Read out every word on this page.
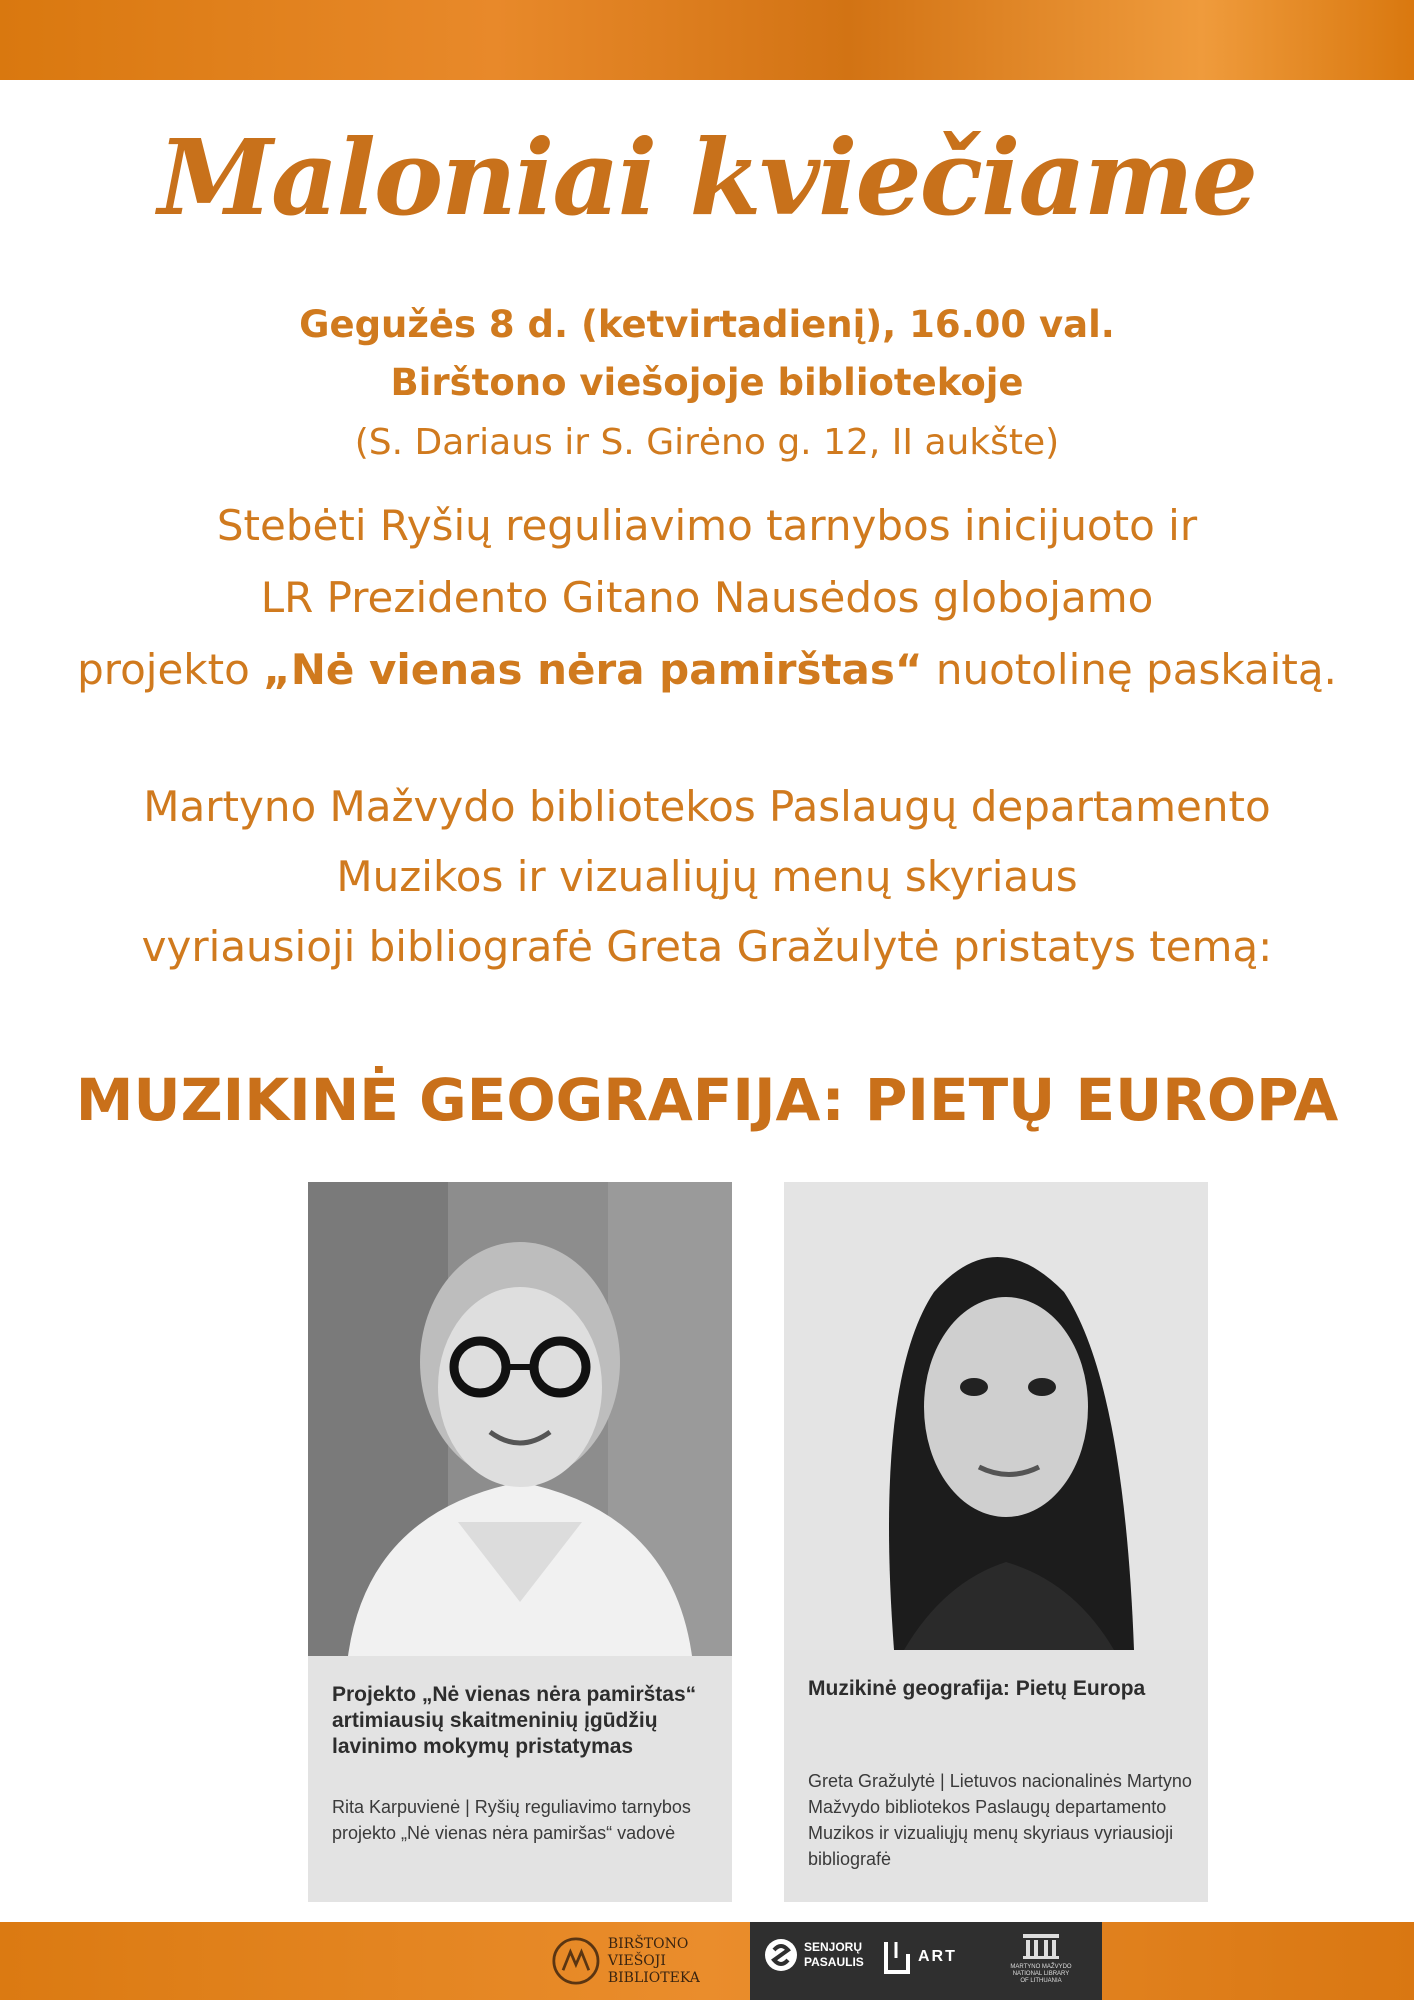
Maloniai kviečiame
Gegužės 8 d. (ketvirtadienį), 16.00 val.
Birštono viešojoje bibliotekoje
(S. Dariaus ir S. Girėno g. 12, II aukšte)
Stebėti Ryšių reguliavimo tarnybos inicijuoto ir
LR Prezidento Gitano Nausėdos globojamo
projekto „Nė vienas nėra pamirštas“ nuotolinę paskaitą.
Martyno Mažvydo bibliotekos Paslaugų departamento
Muzikos ir vizualiųjų menų skyriaus
vyriausioji bibliografė Greta Gražulytė pristatys temą:
MUZIKINĖ GEOGRAFIJA: PIETŲ EUROPA
Projekto „Nė vienas nėra pamirštas“ artimiausių skaitmeninių įgūdžių lavinimo mokymų pristatymas
Rita Karpuvienė | Ryšių reguliavimo tarnybos projekto „Nė vienas nėra pamiršas“ vadovė
Muzikinė geografija: Pietų Europa
Greta Gražulytė | Lietuvos nacionalinės Martyno Mažvydo bibliotekos Paslaugų departamento Muzikos ir vizualiųjų menų skyriaus vyriausioji bibliografė
BIRŠTONO
VIEŠOJI BIBLIOTEKA
SENJORŲ
PASAULIS	ART
MARTYNO MAŽVYDO
NATIONAL LIBRARY
OF LITHUANIA
